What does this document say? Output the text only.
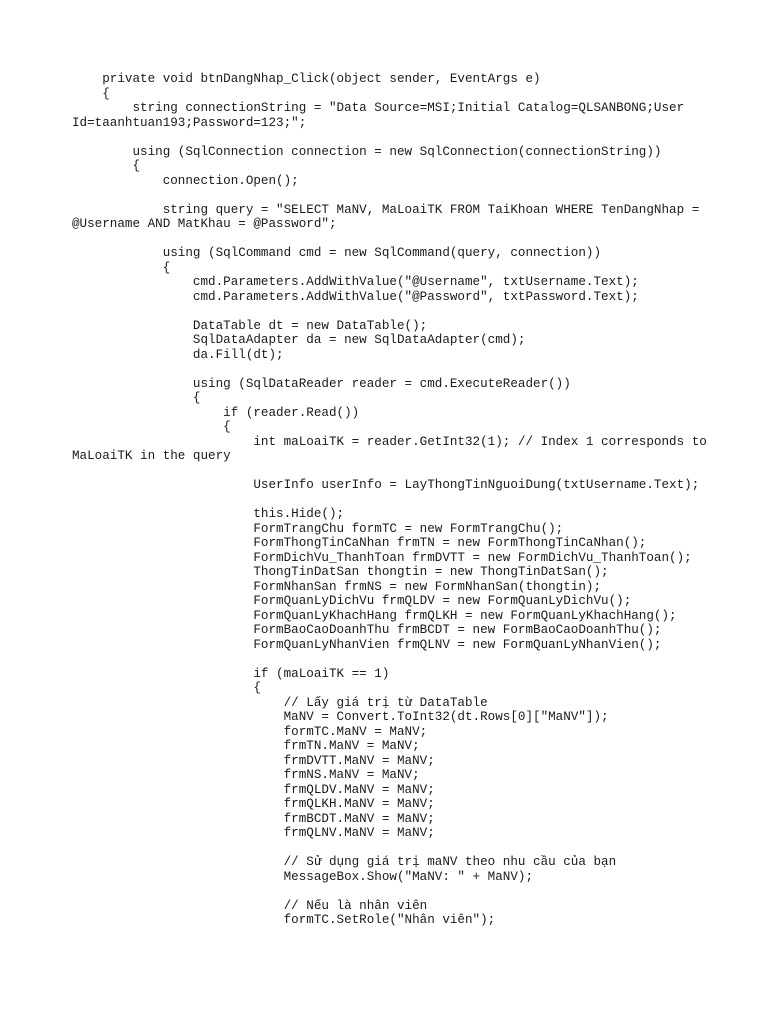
private void btnDangNhap_Click(object sender, EventArgs e)
{
string connectionString = "Data Source=MSI;Initial Catalog=QLSANBONG;User
Id=taanhtuan193;Password=123;";
using (SqlConnection connection = new SqlConnection(connectionString))
{
connection.Open();
string query = "SELECT MaNV, MaLoaiTK FROM TaiKhoan WHERE TenDangNhap =
@Username AND MatKhau = @Password";
using (SqlCommand cmd = new SqlCommand(query, connection))
{
cmd.Parameters.AddWithValue("@Username", txtUsername.Text);
cmd.Parameters.AddWithValue("@Password", txtPassword.Text);
DataTable dt = new DataTable();
SqlDataAdapter da = new SqlDataAdapter(cmd);
da.Fill(dt);
using (SqlDataReader reader = cmd.ExecuteReader())
{
if (reader.Read())
{
int maLoaiTK = reader.GetInt32(1); // Index 1 corresponds to
MaLoaiTK in the query
UserInfo userInfo = LayThongTinNguoiDung(txtUsername.Text);
this.Hide();
FormTrangChu formTC = new FormTrangChu();
FormThongTinCaNhan frmTN = new FormThongTinCaNhan();
FormDichVu_ThanhToan frmDVTT = new FormDichVu_ThanhToan();
ThongTinDatSan thongtin = new ThongTinDatSan();
FormNhanSan frmNS = new FormNhanSan(thongtin);
FormQuanLyDichVu frmQLDV = new FormQuanLyDichVu();
FormQuanLyKhachHang frmQLKH = new FormQuanLyKhachHang();
FormBaoCaoDoanhThu frmBCDT = new FormBaoCaoDoanhThu();
FormQuanLyNhanVien frmQLNV = new FormQuanLyNhanVien();
if (maLoaiTK == 1)
{
// Lấy giá trị từ DataTable
MaNV = Convert.ToInt32(dt.Rows[0]["MaNV"]);
formTC.MaNV = MaNV;
frmTN.MaNV = MaNV;
frmDVTT.MaNV = MaNV;
frmNS.MaNV = MaNV;
frmQLDV.MaNV = MaNV;
frmQLKH.MaNV = MaNV;
frmBCDT.MaNV = MaNV;
frmQLNV.MaNV = MaNV;
// Sử dụng giá trị maNV theo nhu cầu của bạn
MessageBox.Show("MaNV: " + MaNV);
// Nếu là nhân viên
formTC.SetRole("Nhân viên");
